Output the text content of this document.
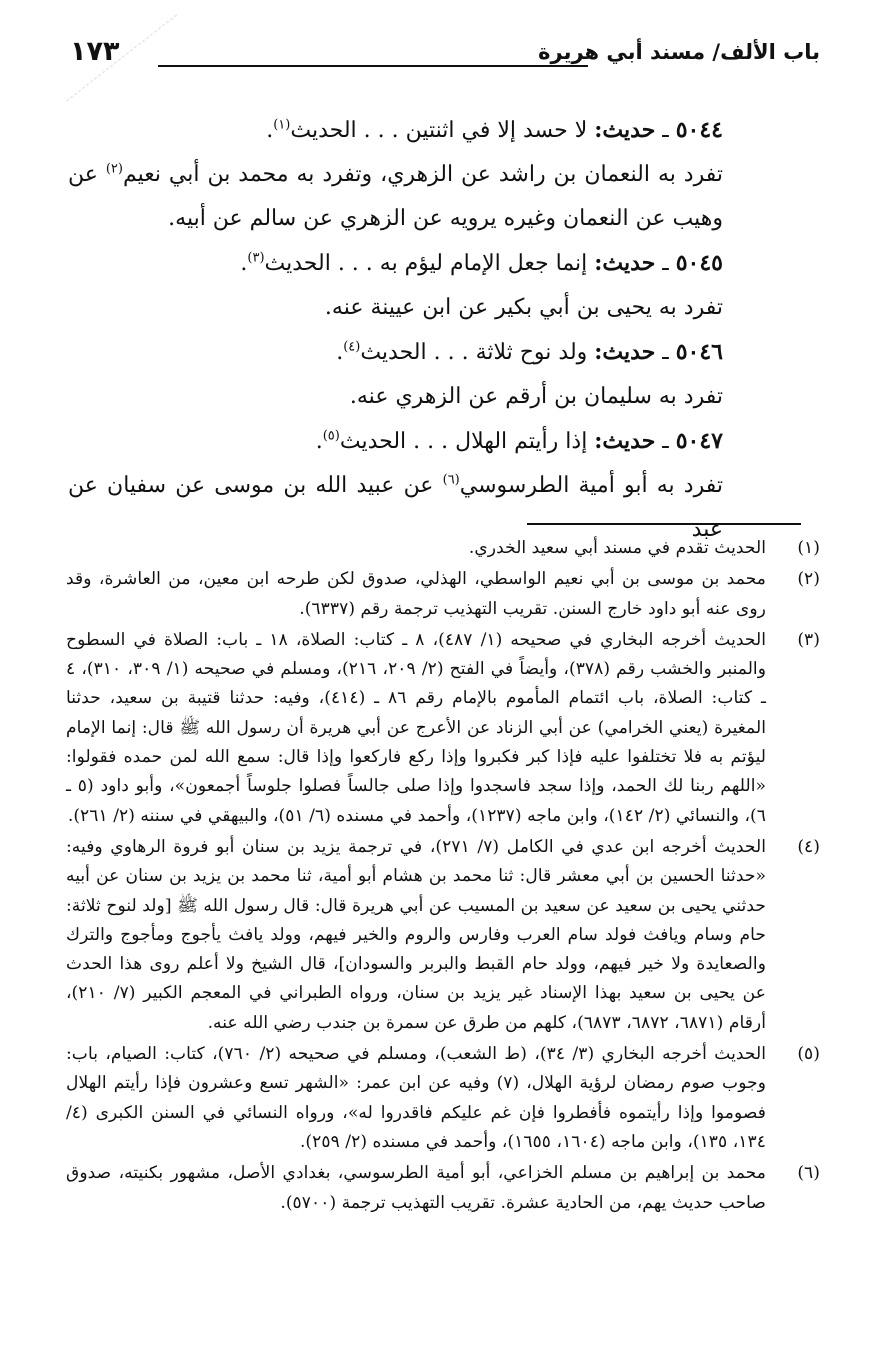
باب الألف/ مسند أبي هريرة
١٧٣

٥٠٤٤ ـ حديث: لا حسد إلا في اثنتين . . . الحديث$^{(١)}$.

تفرد به النعمان بن راشد عن الزهري، وتفرد به محمد بن أبي نعيم$^{(٢)}$ عن وهيب عن النعمان وغيره يرويه عن الزهري عن سالم عن أبيه.

٥٠٤٥ ـ حديث: إنما جعل الإمام ليؤم به . . . الحديث$^{(٣)}$.

تفرد به يحيى بن أبي بكير عن ابن عيينة عنه.

٥٠٤٦ ـ حديث: ولد نوح ثلاثة . . . الحديث$^{(٤)}$.

تفرد به سليمان بن أرقم عن الزهري عنه.

٥٠٤٧ ـ حديث: إذا رأيتم الهلال . . . الحديث$^{(٥)}$.

تفرد به أبو أمية الطرسوسي$^{(٦)}$ عن عبيد الله بن موسى عن سفيان عن عبد

(١)
الحديث تقدم في مسند أبي سعيد الخدري.
(٢)
محمد بن موسى بن أبي نعيم الواسطي، الهذلي، صدوق لكن طرحه ابن معين، من العاشرة، وقد روى عنه أبو داود خارج السنن. تقريب التهذيب ترجمة رقم (٦٣٣٧).
(٣)
الحديث أخرجه البخاري في صحيحه (١/ ٤٨٧)، ٨ ـ كتاب: الصلاة، ١٨ ـ باب: الصلاة في السطوح والمنبر والخشب رقم (٣٧٨)، وأيضاً في الفتح (٢/ ٢٠٩، ٢١٦)، ومسلم في صحيحه (١/ ٣٠٩، ٣١٠)، ٤ ـ كتاب: الصلاة، باب ائتمام المأموم بالإمام رقم ٨٦ ـ (٤١٤)، وفيه: حدثنا قتيبة بن سعيد، حدثنا المغيرة (يعني الخرامي) عن أبي الزناد عن الأعرج عن أبي هريرة أن رسول الله ﷺ قال: إنما الإمام ليؤتم به فلا تختلفوا عليه فإذا كبر فكبروا وإذا ركع فاركعوا وإذا قال: سمع الله لمن حمده فقولوا: «اللهم ربنا لك الحمد، وإذا سجد فاسجدوا وإذا صلى جالساً فصلوا جلوساً أجمعون»، وأبو داود (٥ ـ ٦)، والنسائي (٢/ ١٤٢)، وابن ماجه (١٢٣٧)، وأحمد في مسنده (٦/ ٥١)، والبيهقي في سننه (٢/ ٢٦١).
(٤)
الحديث أخرجه ابن عدي في الكامل (٧/ ٢٧١)، في ترجمة يزيد بن سنان أبو فروة الرهاوي وفيه: «حدثنا الحسين بن أبي معشر قال: ثنا محمد بن هشام أبو أمية، ثنا محمد بن يزيد بن سنان عن أبيه حدثني يحيى بن سعيد عن سعيد بن المسيب عن أبي هريرة قال: قال رسول الله ﷺ [ولد لنوح ثلاثة: حام وسام ويافث فولد سام العرب وفارس والروم والخير فيهم، وولد يافث يأجوج ومأجوج والترك والصعايدة ولا خير فيهم، وولد حام القبط والبربر والسودان]، قال الشيخ ولا أعلم روى هذا الحدث عن يحيى بن سعيد بهذا الإسناد غير يزيد بن سنان، ورواه الطبراني في المعجم الكبير (٧/ ٢١٠)، أرقام (٦٨٧١، ٦٨٧٢، ٦٨٧٣)، كلهم من طرق عن سمرة بن جندب رضي الله عنه.
(٥)
الحديث أخرجه البخاري (٣/ ٣٤)، (ط الشعب)، ومسلم في صحيحه (٢/ ٧٦٠)، كتاب: الصيام، باب: وجوب صوم رمضان لرؤية الهلال، (٧) وفيه عن ابن عمر: «الشهر تسع وعشرون فإذا رأيتم الهلال فصوموا وإذا رأيتموه فأفطروا فإن غم عليكم فاقدروا له»، ورواه النسائي في السنن الكبرى (٤/ ١٣٤، ١٣٥)، وابن ماجه (١٦٠٤، ١٦٥٥)، وأحمد في مسنده (٢/ ٢٥٩).
(٦)
محمد بن إبراهيم بن مسلم الخزاعي، أبو أمية الطرسوسي، بغدادي الأصل، مشهور بكنيته، صدوق صاحب حديث يهم، من الحادية عشرة. تقريب التهذيب ترجمة (٥٧٠٠).
